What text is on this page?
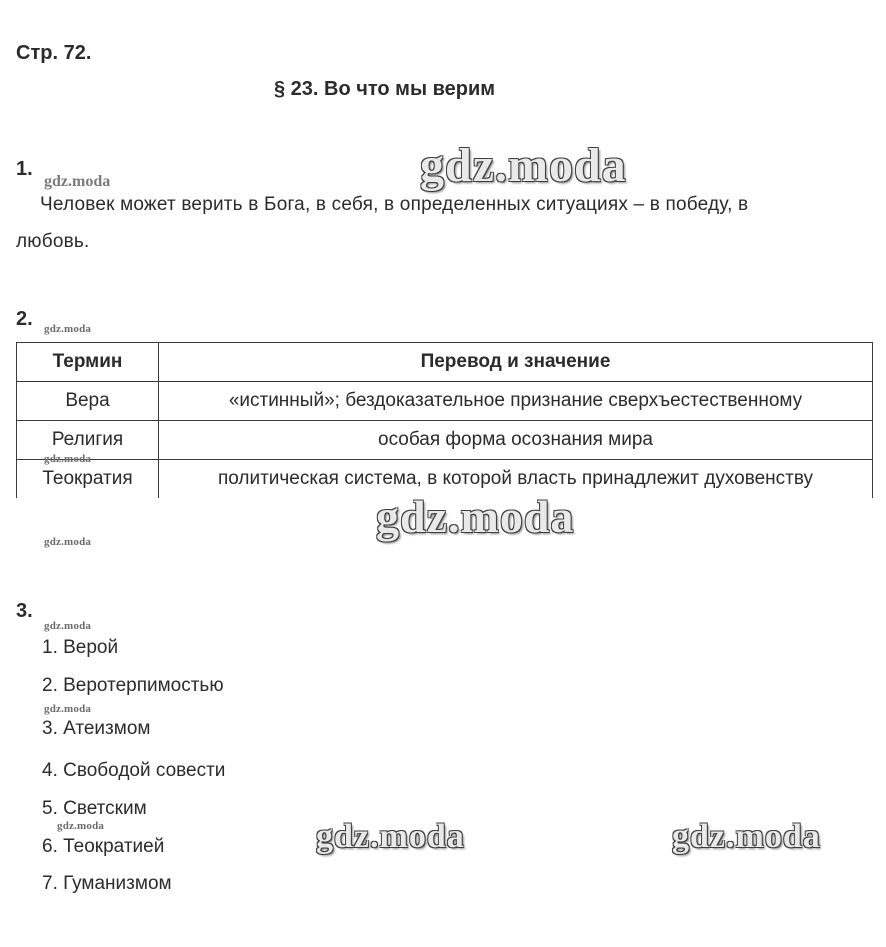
Стр. 72.
§ 23. Во что мы верим
1.
gdz.moda	gdz.moda
Человек может верить в Бога, в себя, в определенных ситуациях – в победу, в
любовь.
2. gdz.moda
Термин	Перевод и значение
Вера	«истинный»; бездоказательное признание сверхъестественному
Религия	особая форма осознания мира
Теократия	политическая система, в которой власть принадлежит духовенству
gdz.moda
gdz.moda
gdz.moda
3.
gdz.moda
1. Верой
2. Веротерпимостью
gdz.moda
3. Атеизмом
4. Свободой совести
5. Светским
gdz.moda
6. Теократией
7. Гуманизмом
gdz.moda	gdz.moda
